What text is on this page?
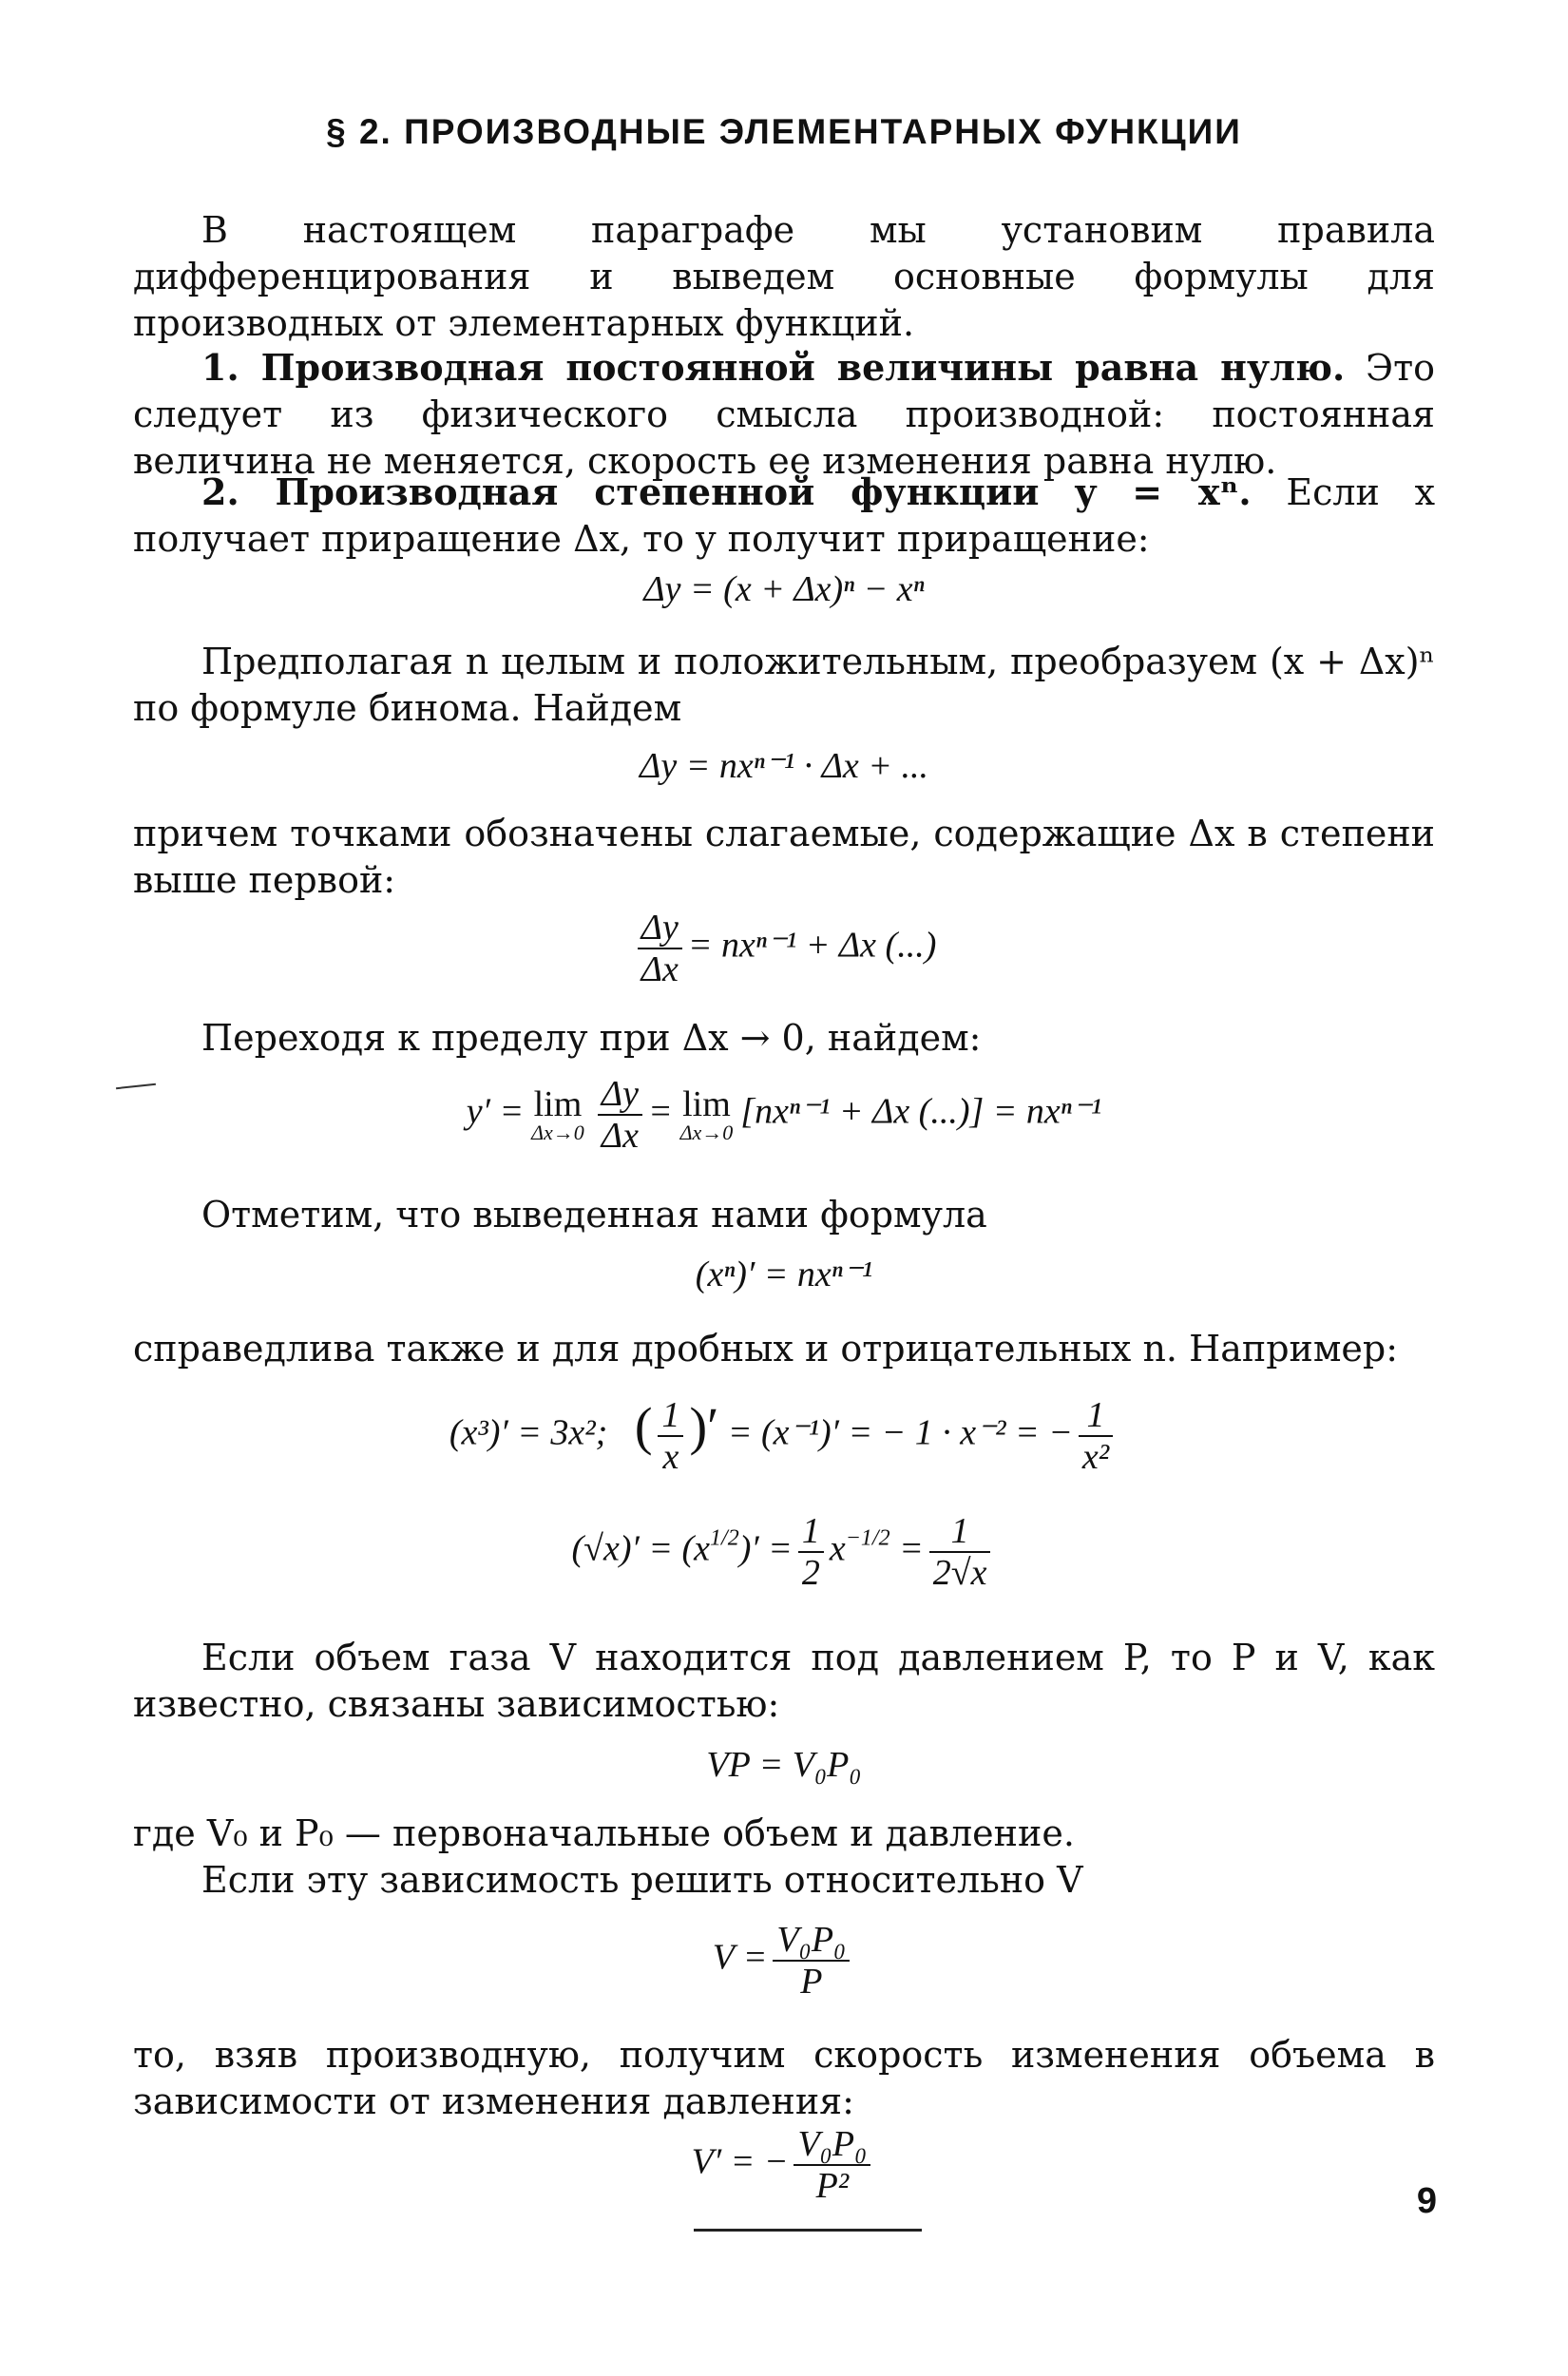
§ 2. ПРОИЗВОДНЫЕ ЭЛЕМЕНТАРНЫХ ФУНКЦИИ
В настоящем параграфе мы установим правила дифференцирования и выведем основные формулы для производных от элементарных функций.
1. Производная постоянной величины равна нулю. Это следует из физического смысла производной: постоянная величина не меняется, скорость ее изменения равна нулю.
2. Производная степенной функции y = xⁿ. Если x получает приращение Δx, то y получит приращение:
Δy = (x + Δx)ⁿ − xⁿ
Предполагая n целым и положительным, преобразуем (x + Δx)ⁿ по формуле бинома. Найдем
Δy = nxⁿ⁻¹ · Δx + ...
причем точками обозначены слагаемые, содержащие Δx в степени выше первой:
$\frac{\Delta y}{\Delta x} = nx^{n-1} + \Delta x$ (...)
Переходя к пределу при Δx → 0, найдем:
y′ = lim
$\Delta x\to 0 \frac{\Delta y}{\Delta x} = \lim$
Δx→0
[nxⁿ⁻¹ + Δx (...)] = nxⁿ⁻¹
Отметим, что выведенная нами формула
(xⁿ)′ = nxⁿ⁻¹
справедлива также и для дробных и отрицательных n. Например:
(x³)′ = 3x²; ( $\frac{1}{x}$ )′ = (x⁻¹)′ = − 1 · x⁻² = − $\frac{1}{\text{x²}}$
$(√x)' = (x^{1/2})' = \frac{1}{2} x^{-1/2} = \frac{1}{2√x}$
Если объем газа V находится под давлением P, то P и V, как известно, связаны зависимостью:
VP = V₀P₀
где V₀ и P₀ — первоначальные объем и давление.
Если эту зависимость решить относительно V
$V = \frac{\text{V₀P₀}}{P}$
то, взяв производную, получим скорость изменения объема в зависимости от изменения давления:
V′ = − $\frac{\text{V₀P₀}}{\text{P²}}$	9
